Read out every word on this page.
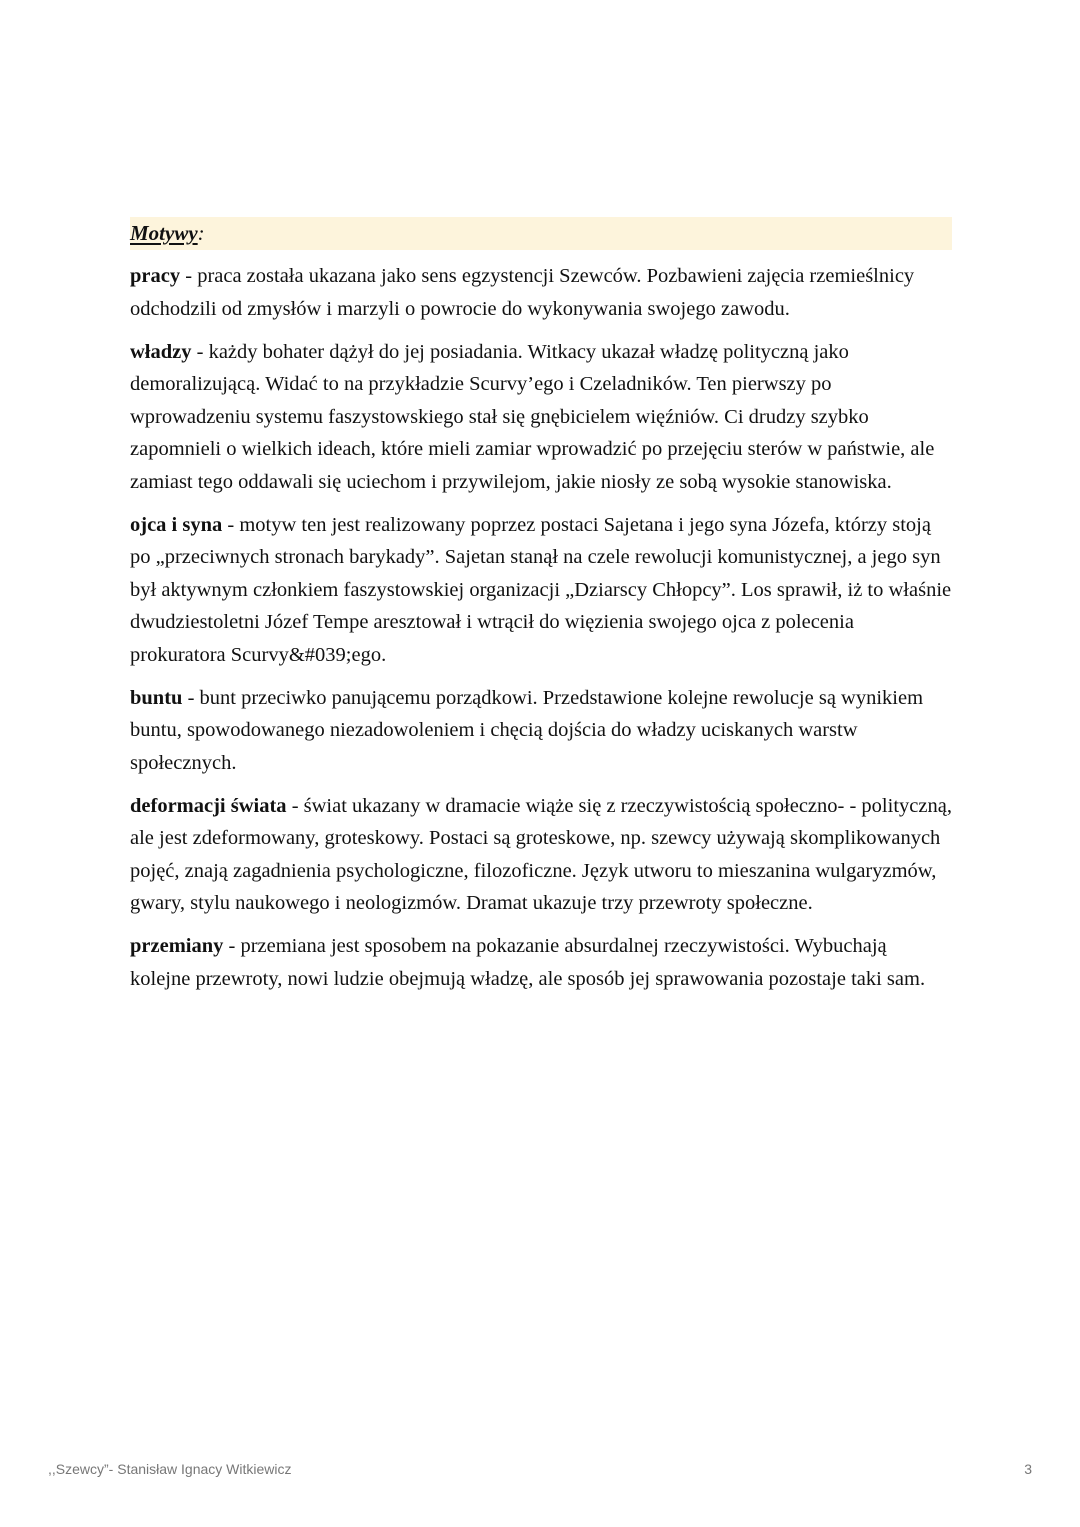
Motywy :

pracy - praca została ukazana jako sens egzystencji Szewców. Pozbawieni zajęcia rzemieślnicy odchodzili od zmysłów i marzyli o powrocie do wykonywania swojego zawodu.

władzy - każdy bohater dążył do jej posiadania. Witkacy ukazał władzę polityczną jako demoralizującą. Widać to na przykładzie Scurvy’ego i Czeladników. Ten pierwszy po wprowadzeniu systemu faszystowskiego stał się gnębicielem więźniów. Ci drudzy szybko zapomnieli o wielkich ideach, które mieli zamiar wprowadzić po przejęciu sterów w państwie, ale zamiast tego oddawali się uciechom i przywilejom, jakie niosły ze sobą wysokie stanowiska.

ojca i syna - motyw ten jest realizowany poprzez postaci Sajetana i jego syna Józefa, którzy stoją po „przeciwnych stronach barykady”. Sajetan stanął na czele rewolucji komunistycznej, a jego syn był aktywnym członkiem faszystowskiej organizacji „Dziarscy Chłopcy”. Los sprawił, iż to właśnie dwudziestoletni Józef Tempe aresztował i wtrącił do więzienia swojego ojca z polecenia prokuratora Scurvy&#039;ego.

buntu - bunt przeciwko panującemu porządkowi. Przedstawione kolejne rewolucje są wynikiem buntu, spowodowanego niezadowoleniem i chęcią dojścia do władzy uciskanych warstw społecznych.

deformacji świata - świat ukazany w dramacie wiąże się z rzeczywistością społeczno- - polityczną, ale jest zdeformowany, groteskowy. Postaci są groteskowe, np. szewcy używają skomplikowanych pojęć, znają zagadnienia psychologiczne, filozoficzne. Język utworu to mieszanina wulgaryzmów, gwary, stylu naukowego i neologizmów. Dramat ukazuje trzy przewroty społeczne.

przemiany - przemiana jest sposobem na pokazanie absurdalnej rzeczywistości. Wybuchają kolejne przewroty, nowi ludzie obejmują władzę, ale sposób jej sprawowania pozostaje taki sam.

,,Szewcy”- Stanisław Ignacy Witkiewicz	3
